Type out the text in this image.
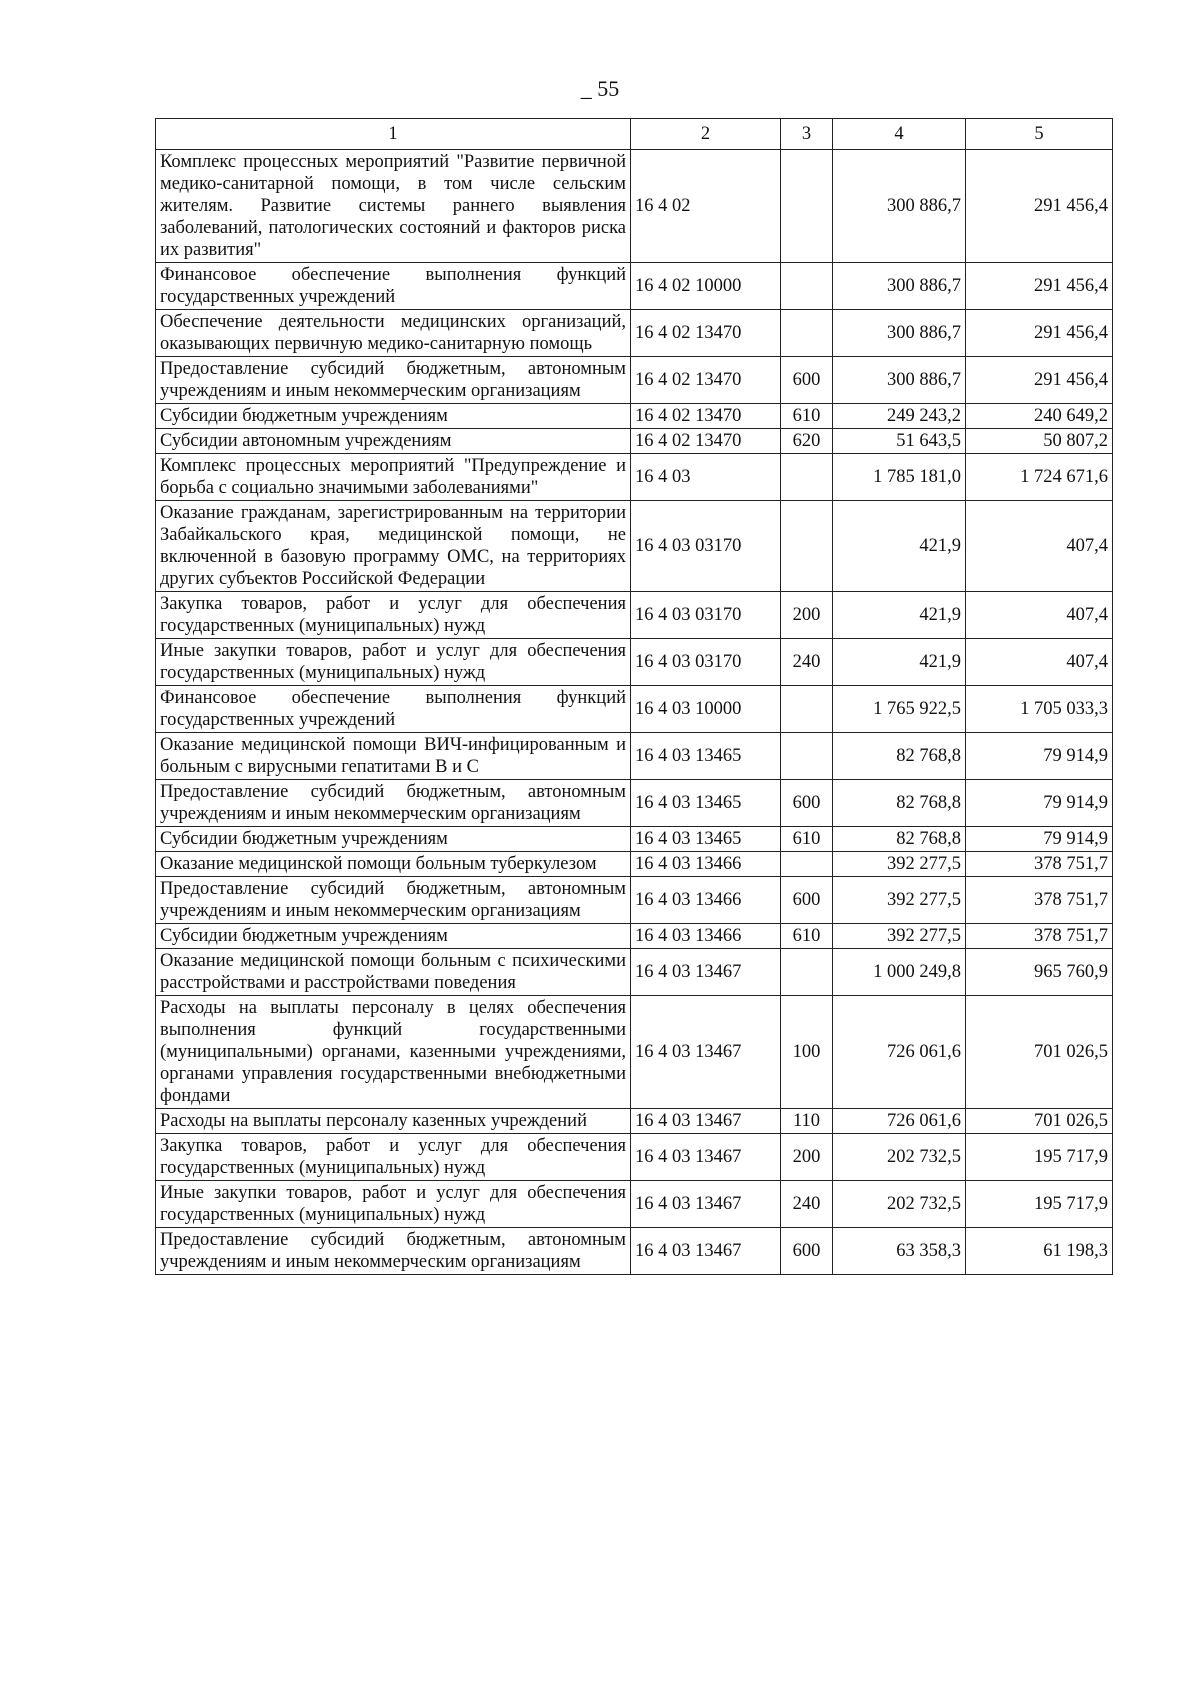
_ 55
1	2	3	4	5
Комплекс процессных мероприятий "Развитие первичной медико-санитарной помощи, в том числе сельским жителям. Развитие системы раннего выявления заболеваний, патологических состояний и факторов риска их развития"	16 4 02		300 886,7	291 456,4
Финансовое обеспечение выполнения функций государственных учреждений	16 4 02 10000		300 886,7	291 456,4
Обеспечение деятельности медицинских организаций, оказывающих первичную медико-санитарную помощь	16 4 02 13470		300 886,7	291 456,4
Предоставление субсидий бюджетным, автономным учреждениям и иным некоммерческим организациям	16 4 02 13470	600	300 886,7	291 456,4
Субсидии бюджетным учреждениям	16 4 02 13470	610	249 243,2	240 649,2
Субсидии автономным учреждениям	16 4 02 13470	620	51 643,5	50 807,2
Комплекс процессных мероприятий "Предупреждение и борьба с социально значимыми заболеваниями"	16 4 03		1 785 181,0	1 724 671,6
Оказание гражданам, зарегистрированным на территории Забайкальского края, медицинской помощи, не включенной в базовую программу ОМС, на территориях других субъектов Российской Федерации	16 4 03 03170		421,9	407,4
Закупка товаров, работ и услуг для обеспечения государственных (муниципальных) нужд	16 4 03 03170	200	421,9	407,4
Иные закупки товаров, работ и услуг для обеспечения государственных (муниципальных) нужд	16 4 03 03170	240	421,9	407,4
Финансовое обеспечение выполнения функций государственных учреждений	16 4 03 10000		1 765 922,5	1 705 033,3
Оказание медицинской помощи ВИЧ-инфицированным и больным с вирусными гепатитами В и С	16 4 03 13465		82 768,8	79 914,9
Предоставление субсидий бюджетным, автономным учреждениям и иным некоммерческим организациям	16 4 03 13465	600	82 768,8	79 914,9
Субсидии бюджетным учреждениям	16 4 03 13465	610	82 768,8	79 914,9
Оказание медицинской помощи больным туберкулезом	16 4 03 13466		392 277,5	378 751,7
Предоставление субсидий бюджетным, автономным учреждениям и иным некоммерческим организациям	16 4 03 13466	600	392 277,5	378 751,7
Субсидии бюджетным учреждениям	16 4 03 13466	610	392 277,5	378 751,7
Оказание медицинской помощи больным с психическими расстройствами и расстройствами поведения	16 4 03 13467		1 000 249,8	965 760,9
Расходы на выплаты персоналу в целях обеспечения выполнения функций государственными (муниципальными) органами, казенными учреждениями, органами управления государственными внебюджетными фондами	16 4 03 13467	100	726 061,6	701 026,5
Расходы на выплаты персоналу казенных учреждений	16 4 03 13467	110	726 061,6	701 026,5
Закупка товаров, работ и услуг для обеспечения государственных (муниципальных) нужд	16 4 03 13467	200	202 732,5	195 717,9
Иные закупки товаров, работ и услуг для обеспечения государственных (муниципальных) нужд	16 4 03 13467	240	202 732,5	195 717,9
Предоставление субсидий бюджетным, автономным учреждениям и иным некоммерческим организациям	16 4 03 13467	600	63 358,3	61 198,3
